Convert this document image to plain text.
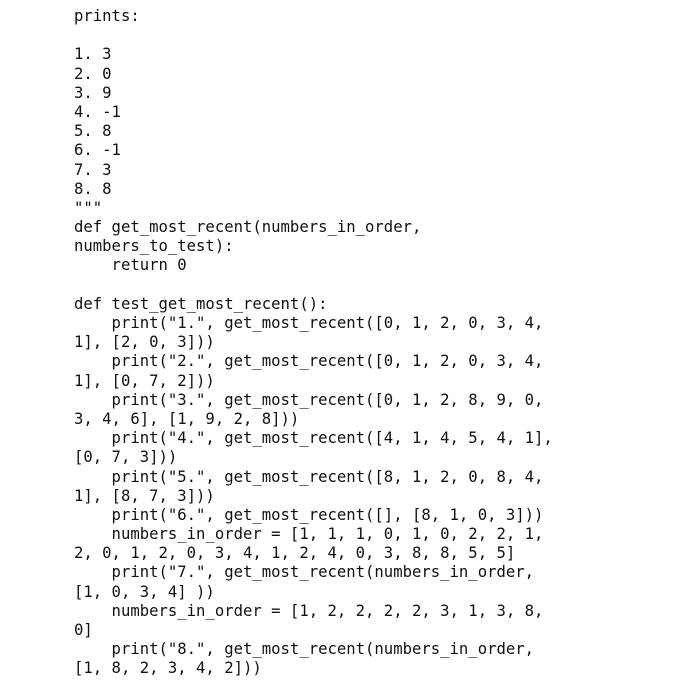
prints:
1. 3
2. 0
3. 9
4. -1
5. 8
6. -1
7. 3
8. 8
"""
def get_most_recent(numbers_in_order,
numbers_to_test):
return 0
def test_get_most_recent():
print("1.", get_most_recent([0, 1, 2, 0, 3, 4,
1], [2, 0, 3]))
print("2.", get_most_recent([0, 1, 2, 0, 3, 4,
1], [0, 7, 2]))
print("3.", get_most_recent([0, 1, 2, 8, 9, 0,
3, 4, 6], [1, 9, 2, 8]))
print("4.", get_most_recent([4, 1, 4, 5, 4, 1],
[0, 7, 3]))
print("5.", get_most_recent([8, 1, 2, 0, 8, 4,
1], [8, 7, 3]))
print("6.", get_most_recent([], [8, 1, 0, 3]))
numbers_in_order = [1, 1, 1, 0, 1, 0, 2, 2, 1,
2, 0, 1, 2, 0, 3, 4, 1, 2, 4, 0, 3, 8, 8, 5, 5]
print("7.", get_most_recent(numbers_in_order,
[1, 0, 3, 4] ))
numbers_in_order = [1, 2, 2, 2, 2, 3, 1, 3, 8,
0]
print("8.", get_most_recent(numbers_in_order,
[1, 8, 2, 3, 4, 2]))
